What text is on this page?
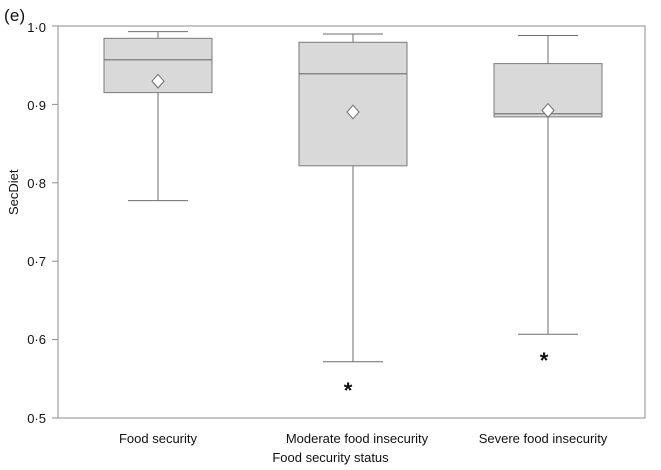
(e)
SecDiet
Food security status
0·5
0·6
0·7
0·8
0·9
1·0
Food security	Moderate food insecurity	Severe food insecurity
*
*
